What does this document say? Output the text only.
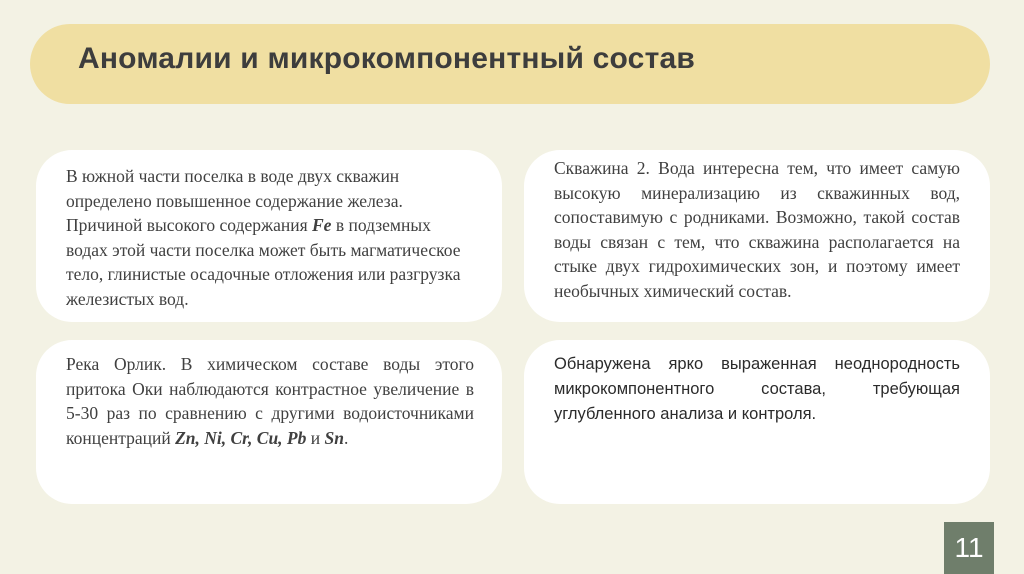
Аномалии и микрокомпонентный состав

В южной части поселка в воде двух скважин определено повышенное содержание железа. Причиной высокого содержания Fe в подземных водах этой части поселка может быть магматическое тело, глинистые осадочные отложения или разгрузка железистых вод.

Скважина 2. Вода интересна тем, что имеет самую высокую минерализацию из скважинных вод, сопоставимую с родниками. Возможно, такой состав воды связан с тем, что скважина располагается на стыке двух гидрохимических зон, и поэтому имеет необычных химический состав.

Река Орлик. В химическом составе воды этого притока Оки наблюдаются контрастное увеличение в 5-30 раз по сравнению с другими водоисточниками концентраций Zn, Ni, Cr, Cu, Pb и Sn.

Обнаружена ярко выраженная неоднородность микрокомпонентного состава, требующая углубленного анализа и контроля.

11
